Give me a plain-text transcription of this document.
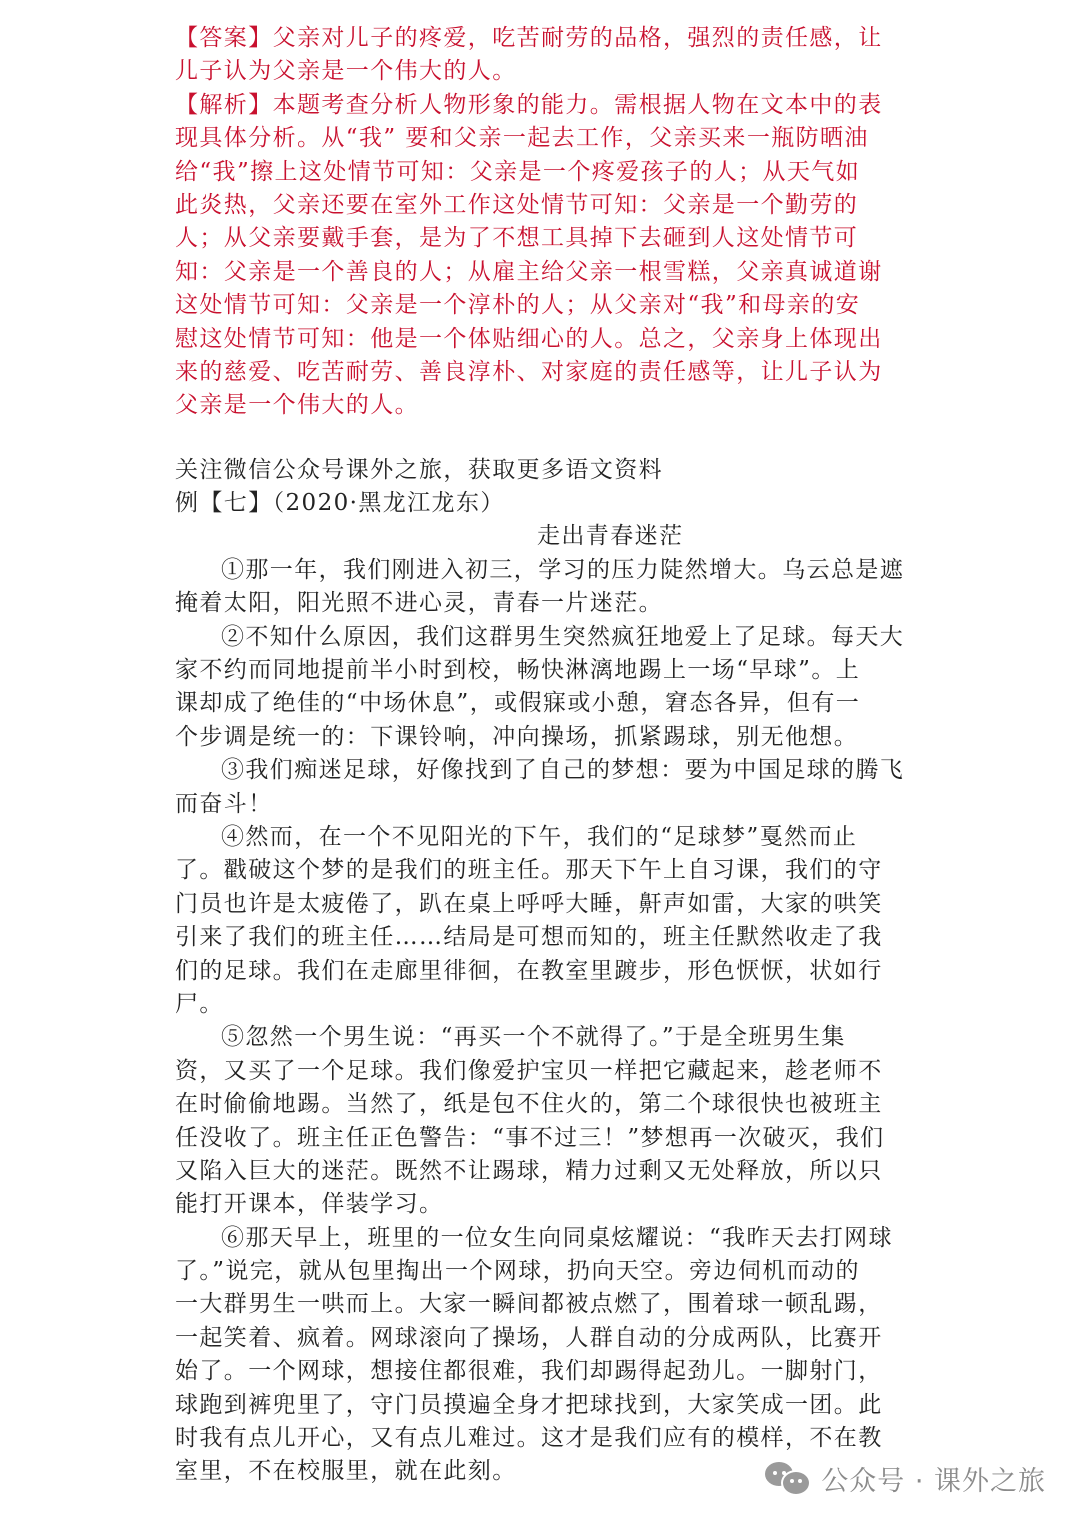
【答案】父亲对儿子的疼爱，吃苦耐劳的品格，强烈的责任感，让
儿子认为父亲是一个伟大的人。
【解析】本题考查分析人物形象的能力。需根据人物在文本中的表
现具体分析。从“我” 要和父亲一起去工作，父亲买来一瓶防晒油
给“我”擦上这处情节可知：父亲是一个疼爱孩子的人；从天气如
此炎热，父亲还要在室外工作这处情节可知：父亲是一个勤劳的
人；从父亲要戴手套，是为了不想工具掉下去砸到人这处情节可
知：父亲是一个善良的人；从雇主给父亲一根雪糕，父亲真诚道谢
这处情节可知：父亲是一个淳朴的人；从父亲对“我”和母亲的安
慰这处情节可知：他是一个体贴细心的人。总之，父亲身上体现出
来的慈爱、吃苦耐劳、善良淳朴、对家庭的责任感等，让儿子认为
父亲是一个伟大的人。
关注微信公众号课外之旅，获取更多语文资料
例【七】（2020·黑龙江龙东）
走出青春迷茫
①那一年，我们刚进入初三，学习的压力陡然增大。乌云总是遮
掩着太阳，阳光照不进心灵，青春一片迷茫。
②不知什么原因，我们这群男生突然疯狂地爱上了足球。每天大
家不约而同地提前半小时到校，畅快淋漓地踢上一场“早球”。上
课却成了绝佳的“中场休息”，或假寐或小憩，窘态各异，但有一
个步调是统一的：下课铃响，冲向操场，抓紧踢球，别无他想。
③我们痴迷足球，好像找到了自己的梦想：要为中国足球的腾飞
而奋斗！
④然而，在一个不见阳光的下午，我们的“足球梦”戛然而止
了。戳破这个梦的是我们的班主任。那天下午上自习课，我们的守
门员也许是太疲倦了，趴在桌上呼呼大睡，鼾声如雷，大家的哄笑
引来了我们的班主任……结局是可想而知的，班主任默然收走了我
们的足球。我们在走廊里徘徊，在教室里踱步，形色恹恹，状如行
尸。
⑤忽然一个男生说：“再买一个不就得了。”于是全班男生集
资，又买了一个足球。我们像爱护宝贝一样把它藏起来，趁老师不
在时偷偷地踢。当然了，纸是包不住火的，第二个球很快也被班主
任没收了。班主任正色警告：“事不过三！”梦想再一次破灭，我们
又陷入巨大的迷茫。既然不让踢球，精力过剩又无处释放，所以只
能打开课本，佯装学习。
⑥那天早上，班里的一位女生向同桌炫耀说：“我昨天去打网球
了。”说完，就从包里掏出一个网球，扔向天空。旁边伺机而动的
一大群男生一哄而上。大家一瞬间都被点燃了，围着球一顿乱踢，
一起笑着、疯着。网球滚向了操场，人群自动的分成两队，比赛开
始了。一个网球，想接住都很难，我们却踢得起劲儿。一脚射门，
球跑到裤兜里了，守门员摸遍全身才把球找到，大家笑成一团。此
时我有点儿开心，又有点儿难过。这才是我们应有的模样，不在教
室里，不在校服里，就在此刻。	公众号 · 课外之旅
